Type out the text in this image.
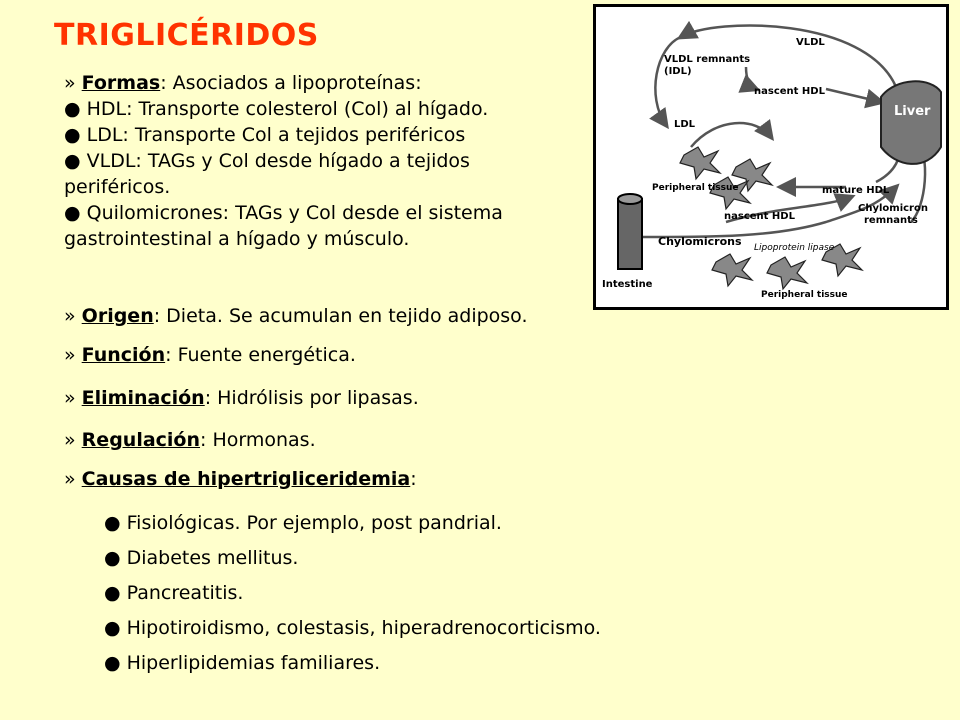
TRIGLICÉRIDOS
» Formas: Asociados a lipoproteínas:
● HDL: Transporte colesterol (Col) al hígado.
● LDL: Transporte Col a tejidos periféricos
● VLDL: TAGs y Col desde hígado a tejidos
periféricos.
● Quilomicrones: TAGs y Col desde el sistema
gastrointestinal a hígado y músculo.
» Origen: Dieta. Se acumulan en tejido adiposo.
» Función: Fuente energética.
» Eliminación: Hidrólisis por lipasas.
» Regulación: Hormonas.
» Causas de hipertrigliceridemia:
● Fisiológicas. Por ejemplo, post pandrial.
● Diabetes mellitus.
● Pancreatitis.
● Hipotiroidismo, colestasis, hiperadrenocorticismo.
● Hiperlipidemias familiares.
VLDL
VLDL remnants
(IDL)
nascent HDL
Liver
LDL
Peripheral tissue	mature HDL
Chylomicron
remnants
nascent HDL
Chylomicrons Lipoprotein lipase
Intestine
Peripheral tissue
